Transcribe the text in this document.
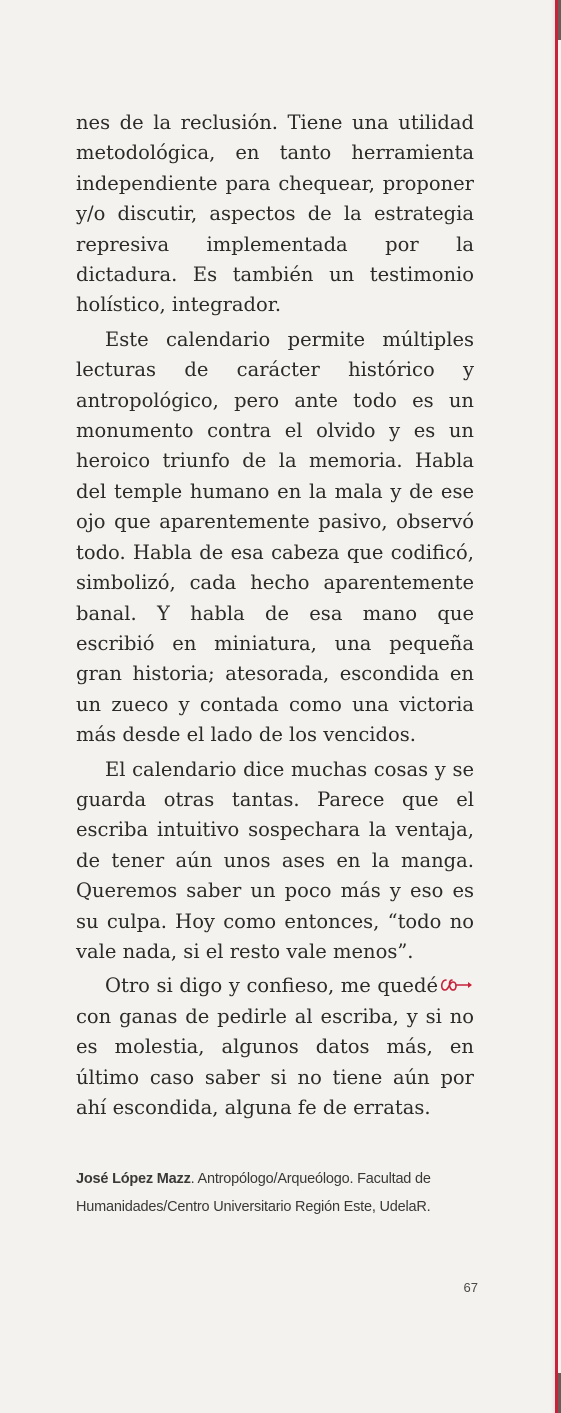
nes de la reclusión. Tiene una utilidad metodológica, en tanto herramienta independiente para chequear, proponer y/o discutir, aspectos de la estrategia represiva implementada por la dictadura. Es también un testimonio holístico, integrador.

Este calendario permite múltiples lecturas de carácter histórico y antropológico, pero ante todo es un monumento contra el olvido y es un heroico triunfo de la memoria. Habla del temple humano en la mala y de ese ojo que aparentemente pasivo, observó todo. Habla de esa cabeza que codificó, simbolizó, cada hecho aparentemente banal. Y habla de esa mano que escribió en miniatura, una pequeña gran historia; atesorada, escondida en un zueco y contada como una victoria más desde el lado de los vencidos.

El calendario dice muchas cosas y se guarda otras tantas. Parece que el escriba intuitivo sospechara la ventaja, de tener aún unos ases en la manga. Queremos saber un poco más y eso es su culpa. Hoy como entonces, “todo no vale nada, si el resto vale menos”.

Otro si digo y confieso, me quedé con ganas de pedirle al escriba, y si no es molestia, algunos datos más, en último caso saber si no tiene aún por ahí escondida, alguna fe de erratas.

José López Mazz. Antropólogo/Arqueólogo. Facultad de Humanidades/Centro Universitario Región Este, UdelaR.
67
